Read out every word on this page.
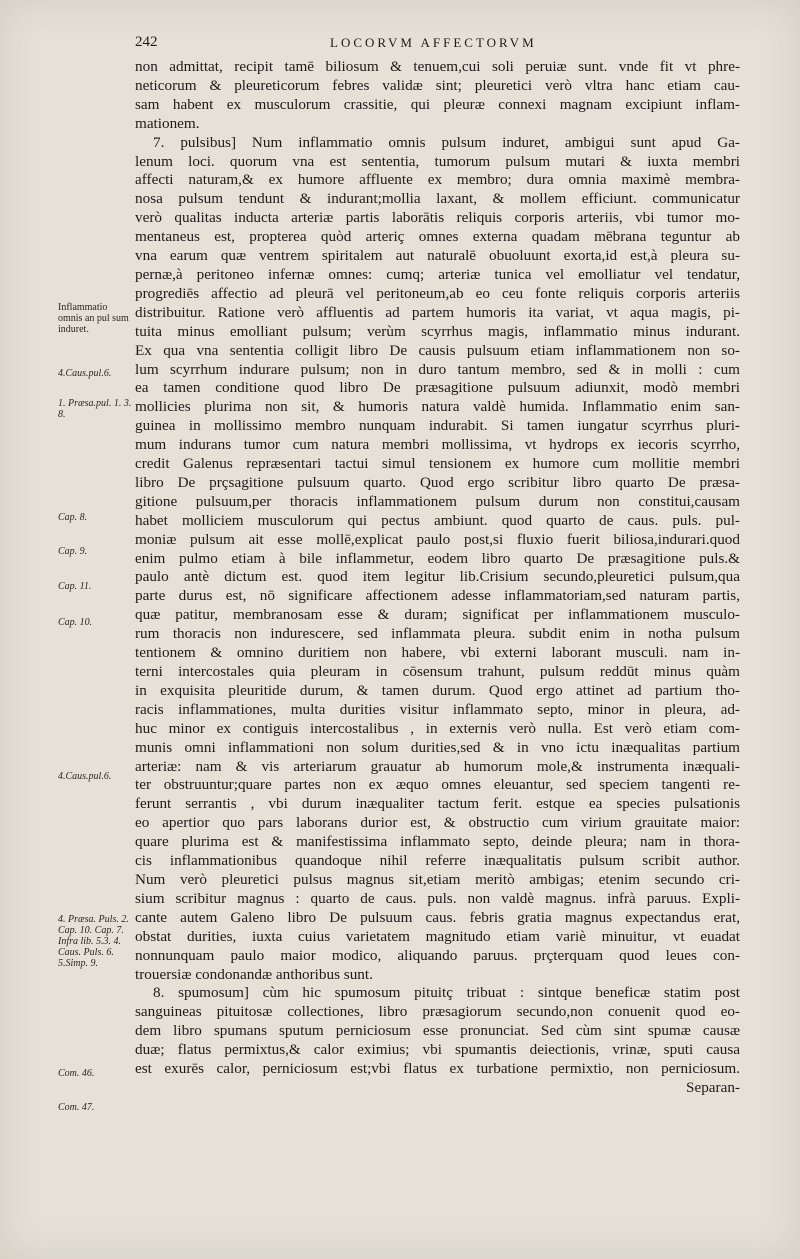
242	LOCORVM AFFECTORVM
non admittat, recipit tamē biliosum & tenuem,cui soli peruiæ sunt. vnde fit vt phre-
neticorum & pleureticorum febres validæ sint; pleuretici verò vltra hanc etiam cau-
sam habent ex musculorum crassitie, qui pleuræ connexi magnam excipiunt inflam-
mationem.
7. pulsibus] Num inflammatio omnis pulsum induret, ambigui sunt apud Ga-
lenum loci. quorum vna est sententia, tumorum pulsum mutari & iuxta membri
affecti naturam,& ex humore affluente ex membro; dura omnia maximè membra-
nosa pulsum tendunt & indurant;mollia laxant, & mollem efficiunt. communicatur
verò qualitas inducta arteriæ partis laborātis reliquis corporis arteriis, vbi tumor mo-
mentaneus est, propterea quòd arteriç omnes externa quadam mēbrana teguntur ab
vna earum quæ ventrem spiritalem aut naturalē obuoluunt exorta,id est,à pleura su-
pernæ,à peritoneo infernæ omnes: cumq; arteriæ tunica vel emolliatur vel tendatur,
progrediēs affectio ad pleurā vel peritoneum,ab eo ceu fonte reliquis corporis arteriis
distribuitur. Ratione verò affluentis ad partem humoris ita variat, vt aqua magis, pi-
tuita minus emolliant pulsum; verùm scyrrhus magis, inflammatio minus indurant.
Ex qua vna sententia colligit libro De causis pulsuum etiam inflammationem non so-
lum scyrrhum indurare pulsum; non in duro tantum membro, sed & in molli : cum
ea tamen conditione quod libro De præsagitione pulsuum adiunxit, modò membri
mollicies plurima non sit, & humoris natura valdè humida. Inflammatio enim san-
guinea in mollissimo membro nunquam indurabit. Si tamen iungatur scyrrhus pluri-
mum indurans tumor cum natura membri mollissima, vt hydrops ex iecoris scyrrho,
credit Galenus repræsentari tactui simul tensionem ex humore cum mollitie membri
libro De prçsagitione pulsuum quarto. Quod ergo scribitur libro quarto De præsa-
gitione pulsuum,per thoracis inflammationem pulsum durum non constitui,causam
habet molliciem musculorum qui pectus ambiunt. quod quarto de caus. puls. pul-
moniæ pulsum ait esse mollē,explicat paulo post,si fluxio fuerit biliosa,indurari.quod
enim pulmo etiam à bile inflammetur, eodem libro quarto De præsagitione puls.&
paulo antè dictum est. quod item legitur lib.Crisium secundo,pleuretici pulsum,qua
parte durus est, nō significare affectionem adesse inflammatoriam,sed naturam partis,
quæ patitur, membranosam esse & duram; significat per inflammationem musculo-
rum thoracis non indurescere, sed inflammata pleura. subdit enim in notha pulsum
tentionem & omnino duritiem non habere, vbi externi laborant musculi. nam in-
terni intercostales quia pleuram in cōsensum trahunt, pulsum reddūt minus quàm
in exquisita pleuritide durum, & tamen durum. Quod ergo attinet ad partium tho-
racis inflammationes, multa durities visitur inflammato septo, minor in pleura, ad-
huc minor ex contiguis intercostalibus , in externis verò nulla. Est verò etiam com-
munis omni inflammationi non solum durities,sed & in vno ictu inæqualitas partium
arteriæ: nam & vis arteriarum grauatur ab humorum mole,& instrumenta inæquali-
ter obstruuntur;quare partes non ex æquo omnes eleuantur, sed speciem tangenti re-
ferunt serrantis , vbi durum inæqualiter tactum ferit. estque ea species pulsationis
eo apertior quo pars laborans durior est, & obstructio cum virium grauitate maior:
quare plurima est & manifestissima inflammato septo, deinde pleura; nam in thora-
cis inflammationibus quandoque nihil referre inæqualitatis pulsum scribit author.
Num verò pleuretici pulsus magnus sit,etiam meritò ambigas; etenim secundo cri-
sium scribitur magnus : quarto de caus. puls. non valdè magnus. infrà paruus. Expli-
cante autem Galeno libro De pulsuum caus. febris gratia magnus expectandus erat,
obstat durities, iuxta cuius varietatem magnitudo etiam variè minuitur, vt euadat
nonnunquam paulo maior modico, aliquando paruus. prçterquam quod leues con-
trouersiæ condonandæ anthoribus sunt.
8. spumosum] cùm hic spumosum pituitç tribuat : sintque beneficæ statim post
sanguineas pituitosæ collectiones, libro præsagiorum secundo,non conuenit quod eo-
dem libro spumans sputum perniciosum esse pronunciat. Sed cùm sint spumæ causæ
duæ; flatus permixtus,& calor eximius; vbi spumantis deiectionis, vrinæ, sputi causa
est exurēs calor, perniciosum est;vbi flatus ex turbatione permixtio, non perniciosum.
Separan-
Inflammatio omnis an pul sum induret.
4.Caus.pul.6.
1. Præsa.pul. 1. 3. 8.
Cap. 8.
Cap. 9.
Cap. 11.
Cap. 10.
4.Caus.pul.6.
4. Præsa. Puls. 2. Cap. 10. Cap. 7. Infra lib. 5.3. 4. Caus. Puls. 6. 5.Simp. 9.
Com. 46.
Com. 47.
